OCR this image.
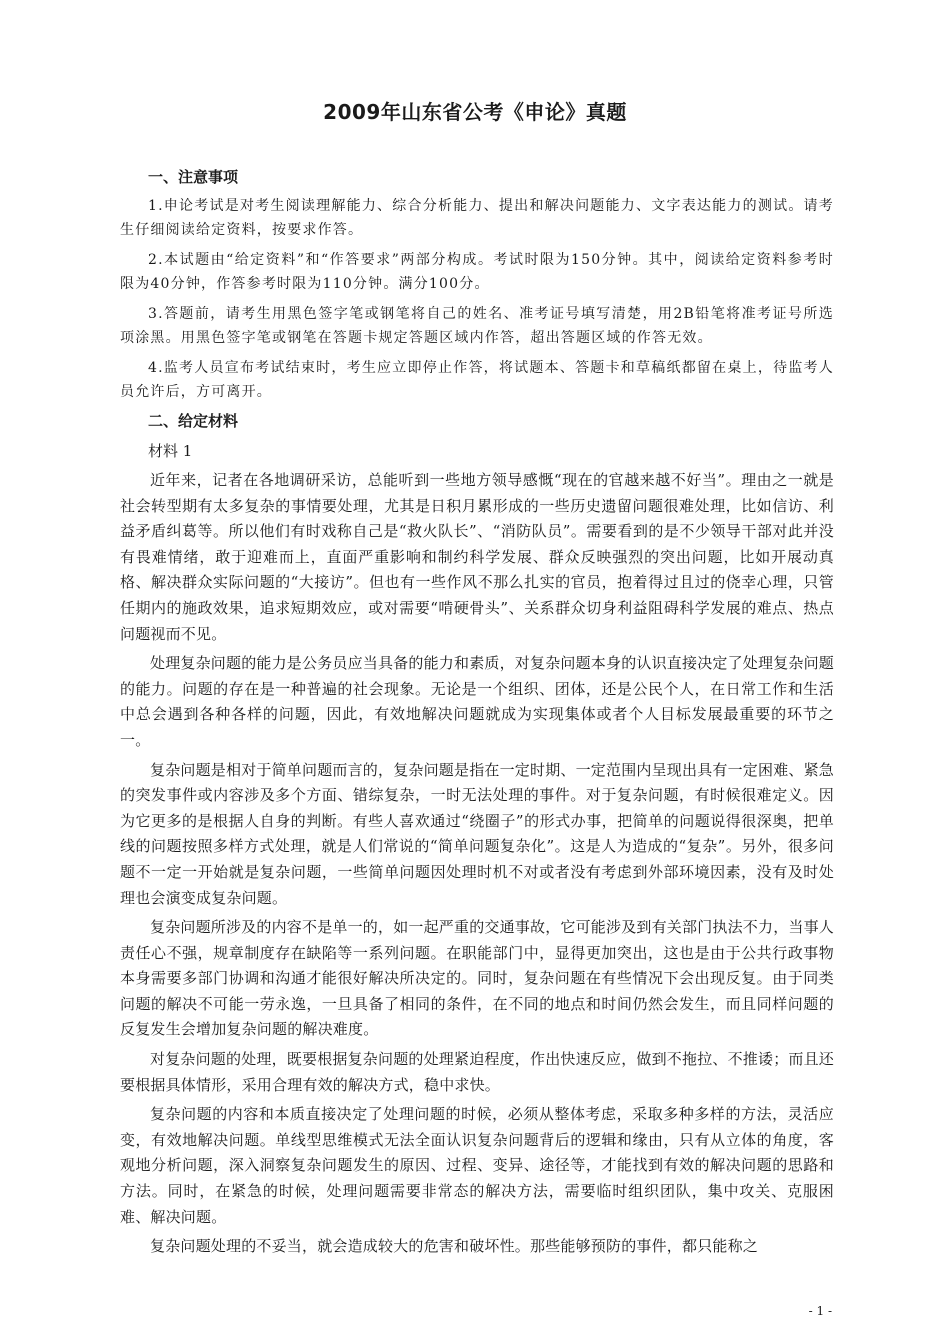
2009年山东省公考《申论》真题
一、注意事项

1.申论考试是对考生阅读理解能力、综合分析能力、提出和解决问题能力、文字表达能力的测试。请考生仔细阅读给定资料，按要求作答。

2.本试题由“给定资料”和“作答要求”两部分构成。考试时限为150分钟。其中，阅读给定资料参考时限为40分钟，作答参考时限为110分钟。满分100分。

3.答题前，请考生用黑色签字笔或钢笔将自己的姓名、准考证号填写清楚，用2B铅笔将准考证号所选项涂黑。用黑色签字笔或钢笔在答题卡规定答题区域内作答，超出答题区域的作答无效。

4.监考人员宣布考试结束时，考生应立即停止作答，将试题本、答题卡和草稿纸都留在桌上，待监考人员允许后，方可离开。

二、给定材料
材料 1

近年来，记者在各地调研采访，总能听到一些地方领导感慨“现在的官越来越不好当”。理由之一就是社会转型期有太多复杂的事情要处理，尤其是日积月累形成的一些历史遗留问题很难处理，比如信访、利益矛盾纠葛等。所以他们有时戏称自己是“救火队长”、“消防队员”。需要看到的是不少领导干部对此并没有畏难情绪，敢于迎难而上，直面严重影响和制约科学发展、群众反映强烈的突出问题，比如开展动真格、解决群众实际问题的“大接访”。但也有一些作风不那么扎实的官员，抱着得过且过的侥幸心理，只管任期内的施政效果，追求短期效应，或对需要“啃硬骨头”、关系群众切身利益阻碍科学发展的难点、热点问题视而不见。

处理复杂问题的能力是公务员应当具备的能力和素质，对复杂问题本身的认识直接决定了处理复杂问题的能力。问题的存在是一种普遍的社会现象。无论是一个组织、团体，还是公民个人，在日常工作和生活中总会遇到各种各样的问题，因此，有效地解决问题就成为实现集体或者个人目标发展最重要的环节之一。

复杂问题是相对于简单问题而言的，复杂问题是指在一定时期、一定范围内呈现出具有一定困难、紧急的突发事件或内容涉及多个方面、错综复杂，一时无法处理的事件。对于复杂问题，有时候很难定义。因为它更多的是根据人自身的判断。有些人喜欢通过“绕圈子”的形式办事，把简单的问题说得很深奥，把单线的问题按照多样方式处理，就是人们常说的“简单问题复杂化”。这是人为造成的“复杂”。另外，很多问题不一定一开始就是复杂问题，一些简单问题因处理时机不对或者没有考虑到外部环境因素，没有及时处理也会演变成复杂问题。

复杂问题所涉及的内容不是单一的，如一起严重的交通事故，它可能涉及到有关部门执法不力，当事人责任心不强，规章制度存在缺陷等一系列问题。在职能部门中，显得更加突出，这也是由于公共行政事物本身需要多部门协调和沟通才能很好解决所决定的。同时，复杂问题在有些情况下会出现反复。由于同类问题的解决不可能一劳永逸，一旦具备了相同的条件，在不同的地点和时间仍然会发生，而且同样问题的反复发生会增加复杂问题的解决难度。

对复杂问题的处理，既要根据复杂问题的处理紧迫程度，作出快速反应，做到不拖拉、不推诿；而且还要根据具体情形，采用合理有效的解决方式，稳中求快。

复杂问题的内容和本质直接决定了处理问题的时候，必须从整体考虑，采取多种多样的方法，灵活应变，有效地解决问题。单线型思维模式无法全面认识复杂问题背后的逻辑和缘由，只有从立体的角度，客观地分析问题，深入洞察复杂问题发生的原因、过程、变异、途径等，才能找到有效的解决问题的思路和方法。同时，在紧急的时候，处理问题需要非常态的解决方法，需要临时组织团队，集中攻关、克服困难、解决问题。

复杂问题处理的不妥当，就会造成较大的危害和破坏性。那些能够预防的事件，都只能称之

- 1 -
